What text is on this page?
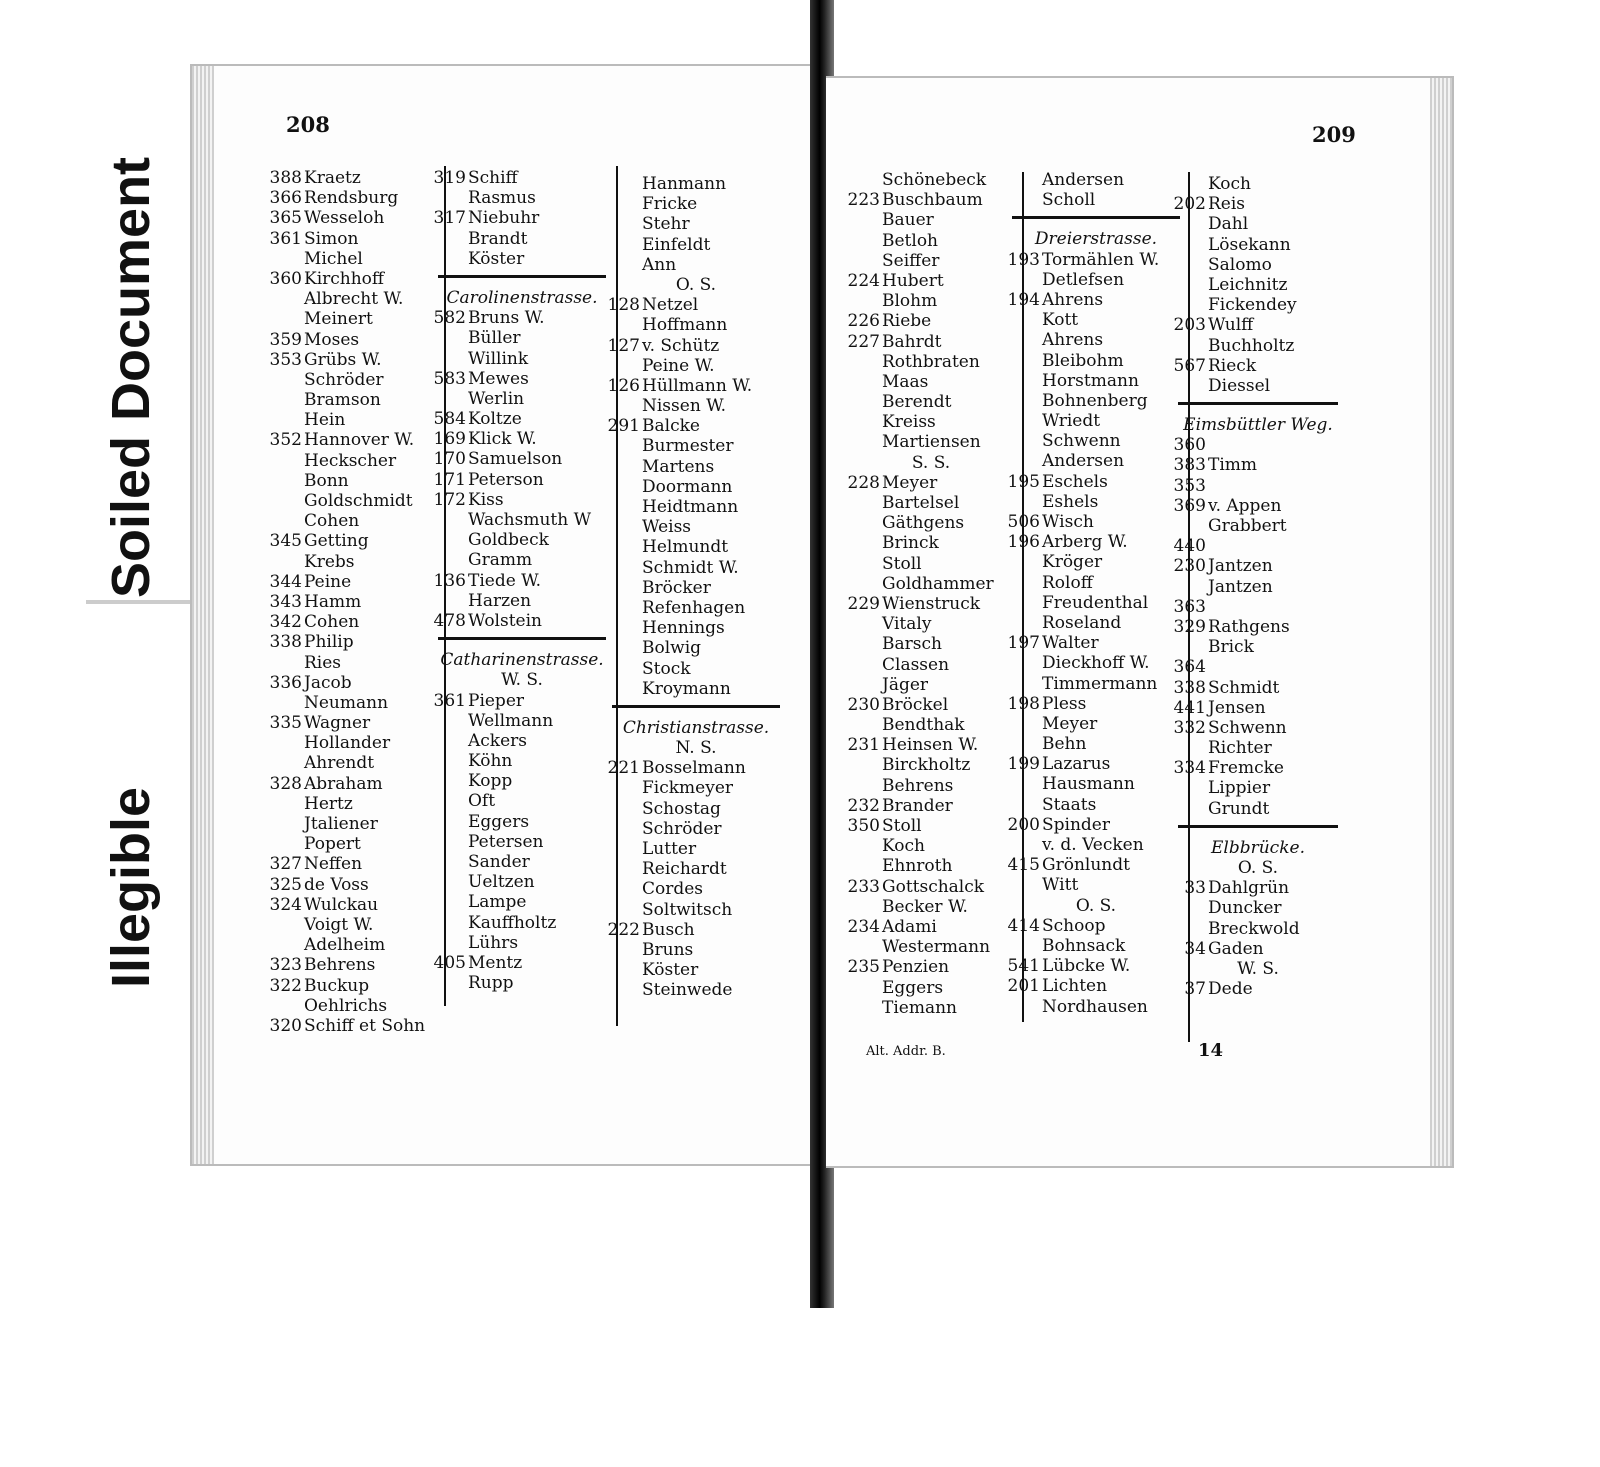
Soiled Document
Illegible
208
388 Kraetz
366 Rendsburg
365 Wesseloh
361 Simon
Michel
360 Kirchhoff
Albrecht W.
Meinert
359 Moses
353 Grübs W.
Schröder
Bramson
Hein
352 Hannover W.
Heckscher
Bonn
Goldschmidt
Cohen
345 Getting
Krebs
344 Peine
343 Hamm
342 Cohen
338 Philip
Ries
336 Jacob
Neumann
335 Wagner
Hollander
Ahrendt
328 Abraham
Hertz
Jtaliener
Popert
327 Neffen
325 de Voss
324 Wulckau
Voigt W.
Adelheim
323 Behrens
322 Buckup
Oehlrichs
320 Schiff et Sohn
319 Schiff
Rasmus
317 Niebuhr
Brandt
Köster
Carolinenstrasse.
582 Bruns W.
Büller
Willink
583 Mewes
Werlin
584 Koltze
169 Klick W.
170 Samuelson
171 Peterson
172 Kiss
Wachsmuth W
Goldbeck
Gramm
136 Tiede W.
Harzen
478 Wolstein
Catharinenstrasse.
W. S.
361 Pieper
Wellmann
Ackers
Köhn
Kopp
Oft
Eggers
Petersen
Sander
Ueltzen
Lampe
Kauffholtz
Lührs
405 Mentz
Rupp
Hanmann
Fricke
Stehr
Einfeldt
Ann
O. S.
128 Netzel
Hoffmann
127 v. Schütz
Peine W.
126 Hüllmann W.
Nissen W.
291 Balcke
Burmester
Martens
Doormann
Heidtmann
Weiss
Helmundt
Schmidt W.
Bröcker
Refenhagen
Hennings
Bolwig
Stock
Kroymann
Christianstrasse.
N. S.
221 Bosselmann
Fickmeyer
Schostag
Schröder
Lutter
Reichardt
Cordes
Soltwitsch
222 Busch
Bruns
Köster
Steinwede
209
Schönebeck
223 Buschbaum
Bauer
Betloh
Seiffer
224 Hubert
Blohm
226 Riebe
227 Bahrdt
Rothbraten
Maas
Berendt
Kreiss
Martiensen
S. S.
228 Meyer
Bartelsel
Gäthgens
Brinck
Stoll
Goldhammer
229 Wienstruck
Vitaly
Barsch
Classen
Jäger
230 Bröckel
Bendthak
231 Heinsen W.
Birckholtz
Behrens
232 Brander
350 Stoll
Koch
Ehnroth
233 Gottschalck
Becker W.
234 Adami
Westermann
235 Penzien
Eggers
Tiemann
Andersen
Scholl
Dreierstrasse.
193 Tormählen W.
Detlefsen
194 Ahrens
Kott
Ahrens
Bleibohm
Horstmann
Bohnenberg
Wriedt
Schwenn
Andersen
195 Eschels
Eshels
506 Wisch
196 Arberg W.
Kröger
Roloff
Freudenthal
Roseland
197 Walter
Dieckhoff W.
Timmermann
198 Pless
Meyer
Behn
199 Lazarus
Hausmann
Staats
200 Spinder
v. d. Vecken
415 Grönlundt
Witt
O. S.
414 Schoop
Bohnsack
541 Lübcke W.
201 Lichten
Nordhausen
Koch
202 Reis
Dahl
Lösekann
Salomo
Leichnitz
Fickendey
203 Wulff
Buchholtz
567 Rieck
Diessel
Eimsbüttler Weg.
360
383 Timm
353
369 v. Appen
Grabbert
440
230 Jantzen
Jantzen
363
329 Rathgens
Brick
364
338 Schmidt
441 Jensen
332 Schwenn
Richter
334 Fremcke
Lippier
Grundt
Elbbrücke.
O. S.
33 Dahlgrün
Duncker
Breckwold
34 Gaden
W. S.
37 Dede
Alt. Addr. B.	14
